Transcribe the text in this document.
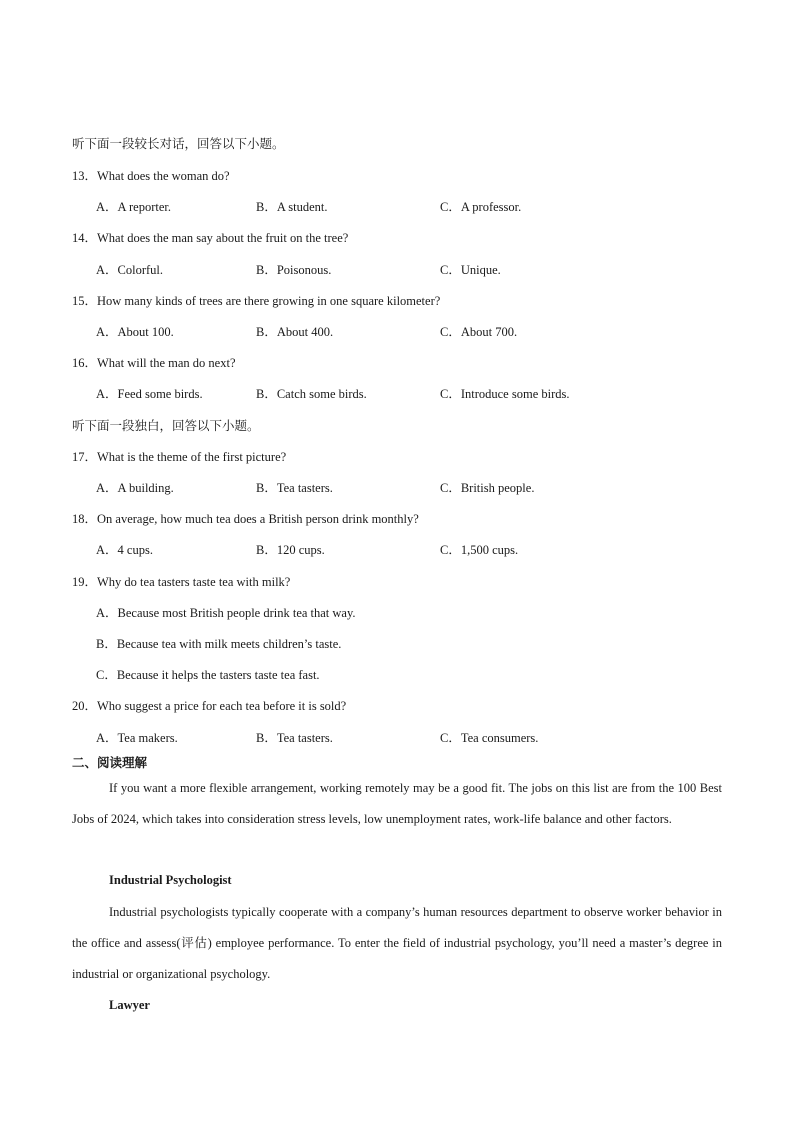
听下面一段较长对话，回答以下小题。
13．What does the woman do?
A．A reporter.	B．A student.	C．A professor.
14．What does the man say about the fruit on the tree?
A．Colorful.	B．Poisonous.	C．Unique.
15．How many kinds of trees are there growing in one square kilometer?
A．About 100.	B．About 400.	C．About 700.
16．What will the man do next?
A．Feed some birds.	B．Catch some birds.	C．Introduce some birds.
听下面一段独白，回答以下小题。
17．What is the theme of the first picture?
A．A building.	B．Tea tasters.	C．British people.
18．On average, how much tea does a British person drink monthly?
A．4 cups.	B．120 cups.	C．1,500 cups.
19．Why do tea tasters taste tea with milk?
A．Because most British people drink tea that way.
B．Because tea with milk meets children’s taste.
C．Because it helps the tasters taste tea fast.
20．Who suggest a price for each tea before it is sold?
A．Tea makers.	B．Tea tasters.	C．Tea consumers.
二、阅读理解
If you want a more flexible arrangement, working remotely may be a good fit. The jobs on this list are from the 100 Best Jobs of 2024, which takes into consideration stress levels, low unemployment rates, work-life balance and other factors.
Industrial Psychologist
Industrial psychologists typically cooperate with a company’s human resources department to observe worker behavior in the office and assess(评估) employee performance. To enter the field of industrial psychology, you’ll need a master’s degree in industrial or organizational psychology.
Lawyer
